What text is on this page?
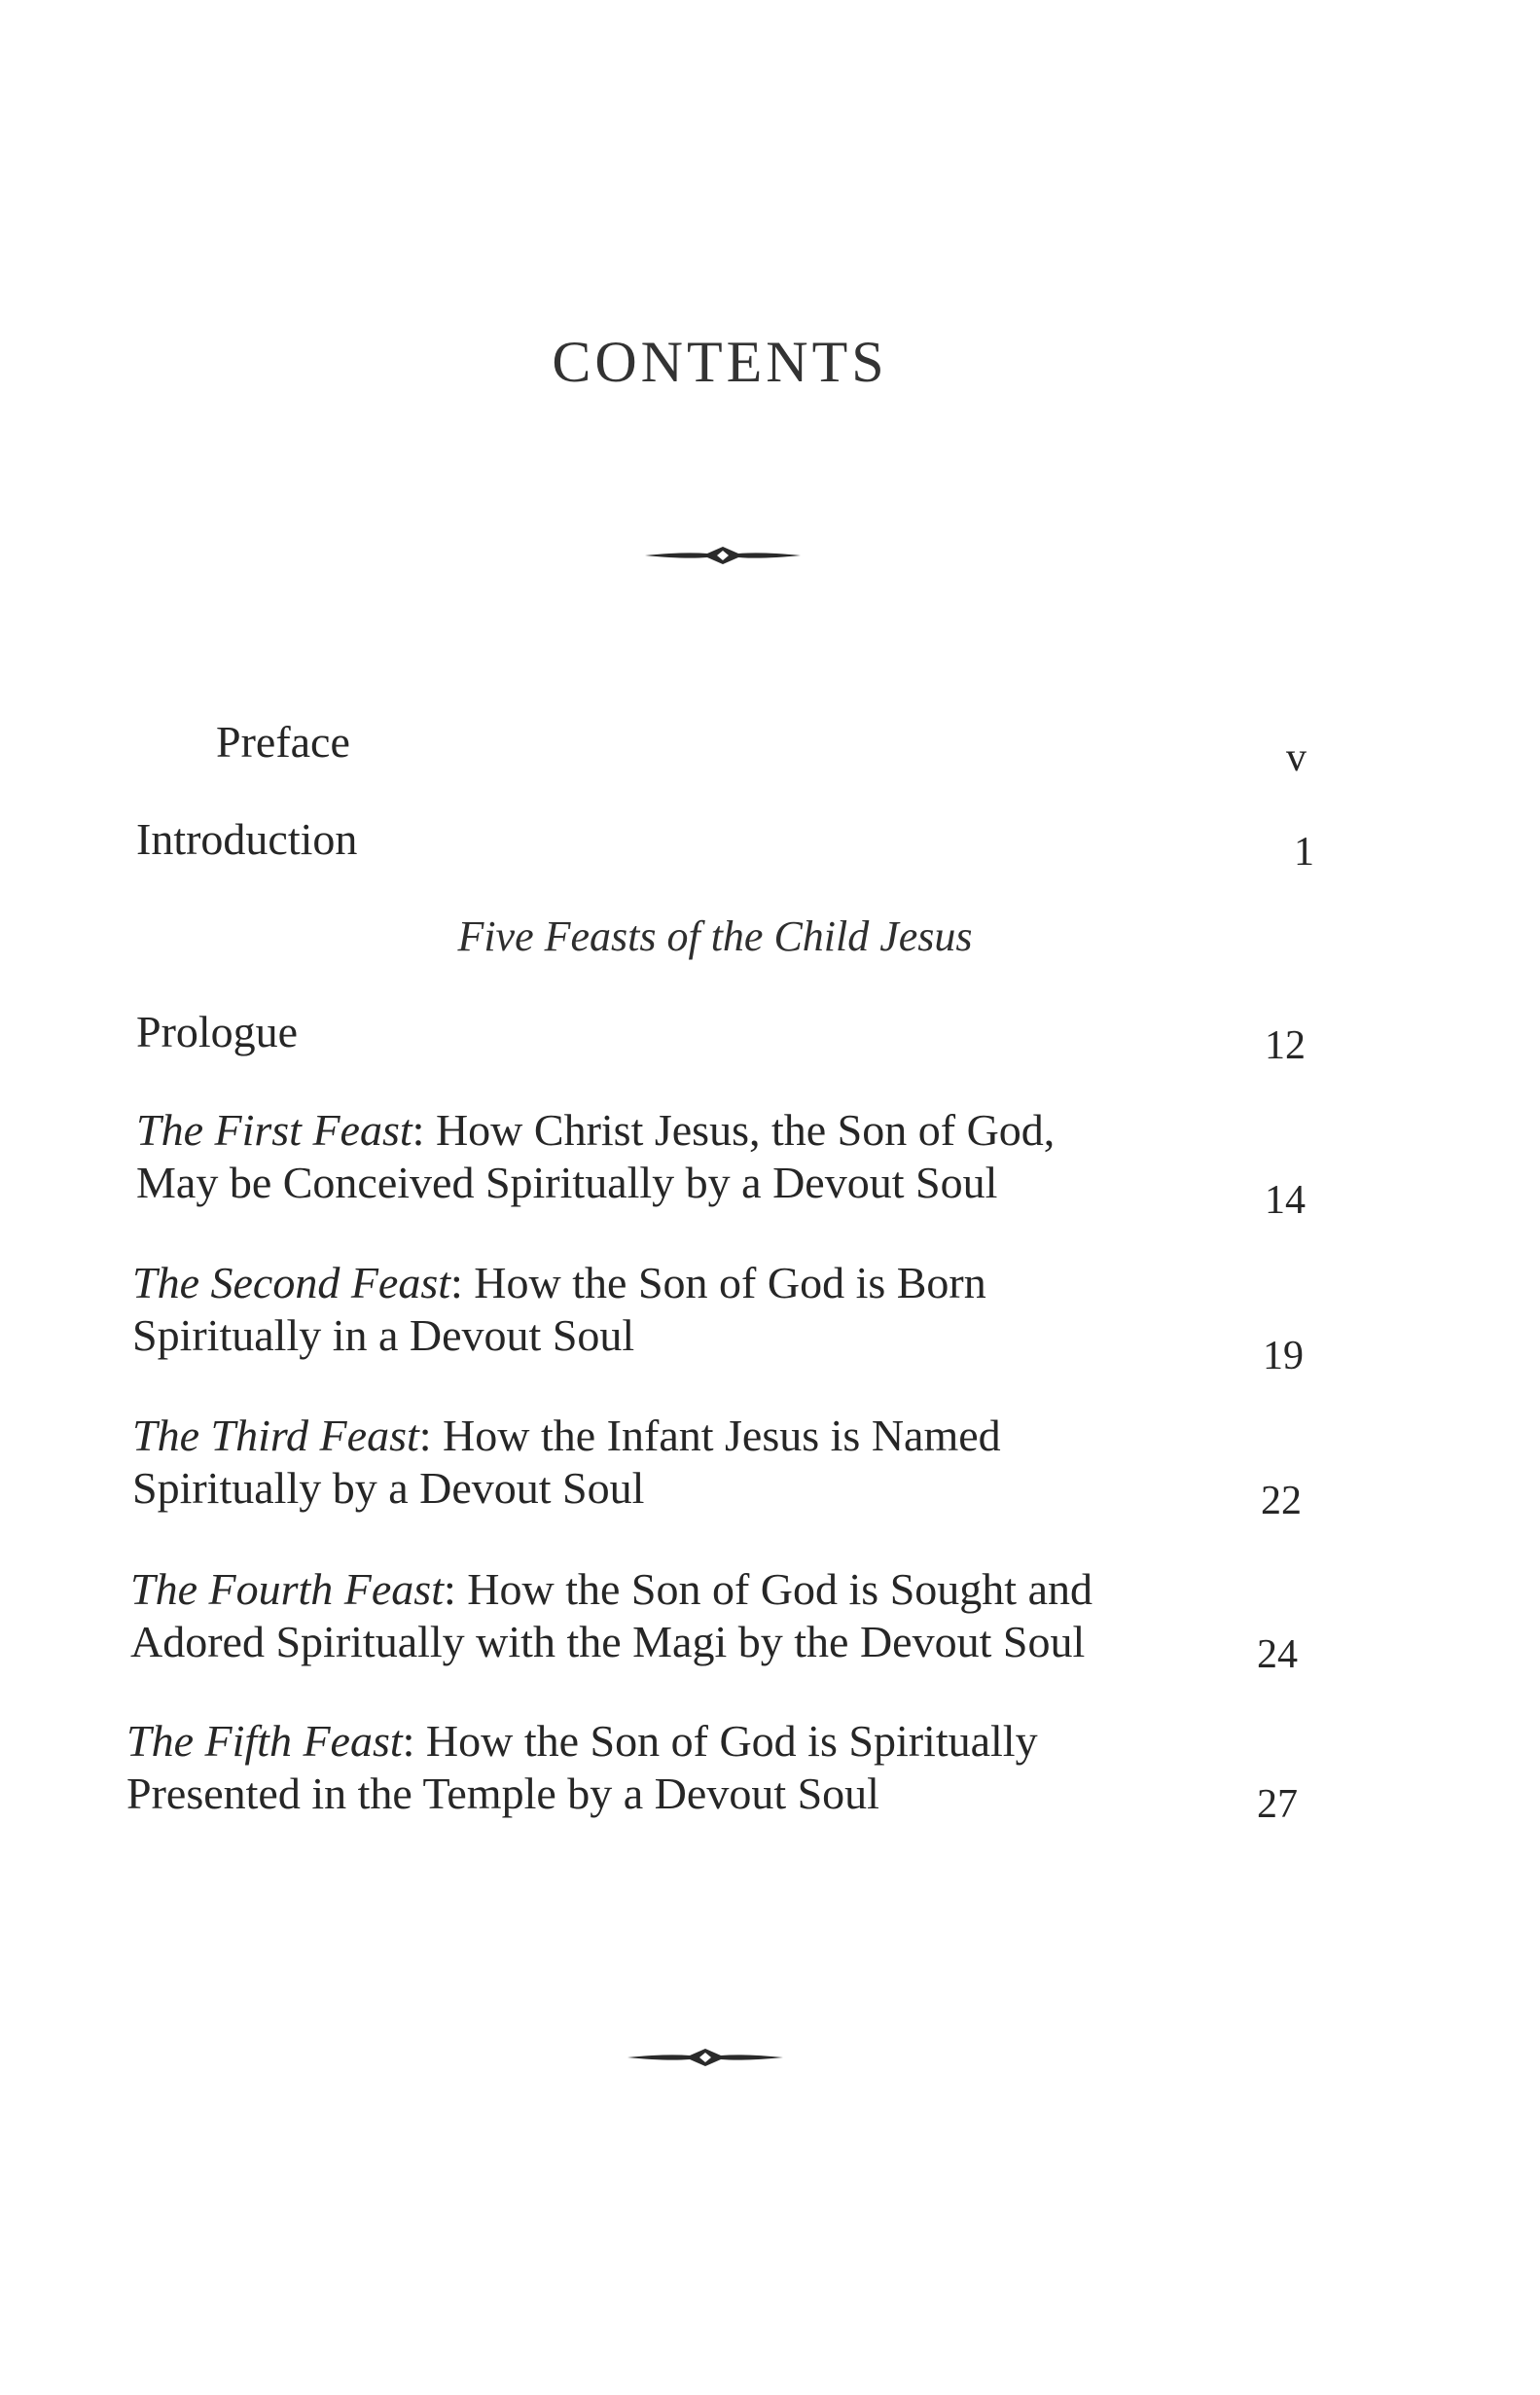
CONTENTS
Preface	v
Introduction	1
Five Feasts of the Child Jesus
Prologue	12
The First Feast: How Christ Jesus, the Son of God,
May be Conceived Spiritually by a Devout Soul	14
The Second Feast: How the Son of God is Born
Spiritually in a Devout Soul	19
The Third Feast: How the Infant Jesus is Named
Spiritually by a Devout Soul	22
The Fourth Feast: How the Son of God is Sought and
Adored Spiritually with the Magi by the Devout Soul	24
The Fifth Feast: How the Son of God is Spiritually
Presented in the Temple by a Devout Soul	27
